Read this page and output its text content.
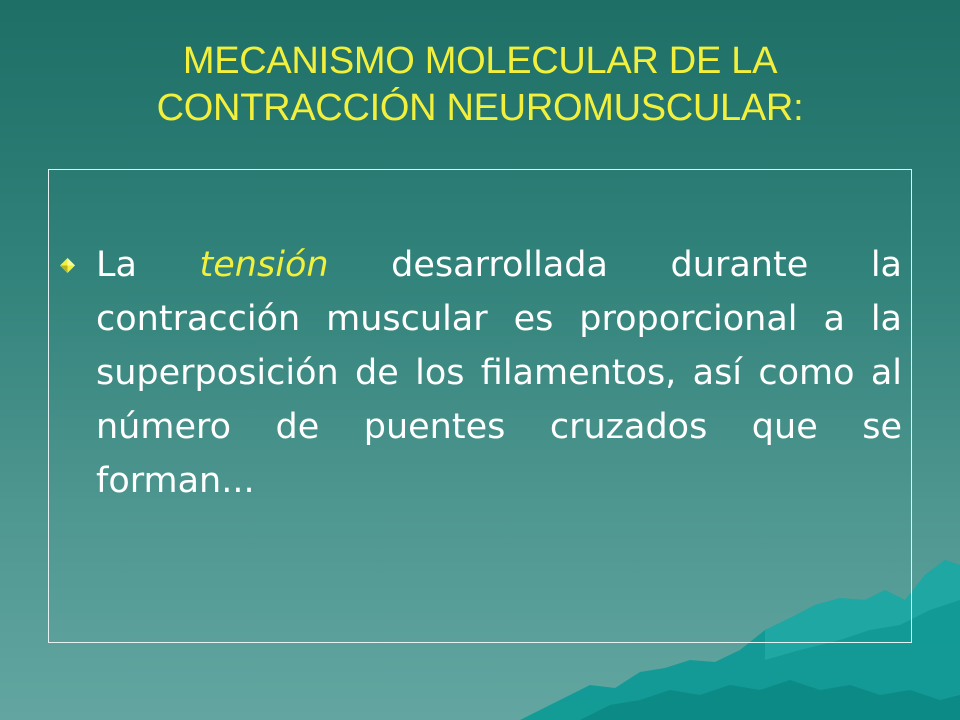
MECANISMO MOLECULAR DE LA
CONTRACCIÓN NEUROMUSCULAR:

La tensión desarrollada durante la contracción muscular es proporcional a la superposición de los filamentos, así como al número de puentes cruzados que se forman...
